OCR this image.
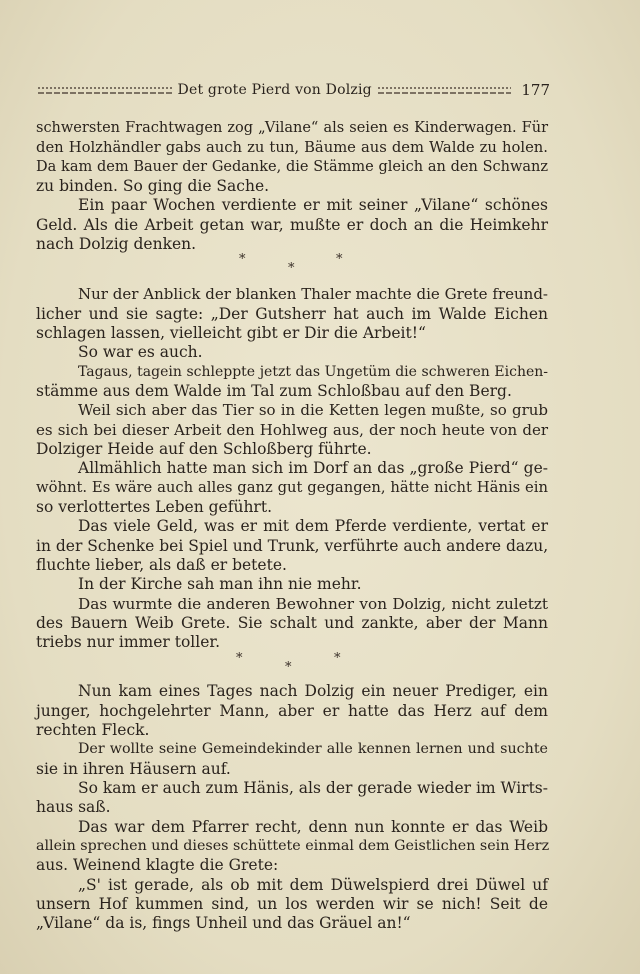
Det grote Pierd von Dolzig	177
schwersten Frachtwagen zog „Vilane“ als seien es Kinderwagen. Für
den Holzhändler gabs auch zu tun, Bäume aus dem Walde zu holen.
Da kam dem Bauer der Gedanke, die Stämme gleich an den Schwanz
zu binden. So ging die Sache.
Ein paar Wochen verdiente er mit seiner „Vilane“ schönes
Geld. Als die Arbeit getan war, mußte er doch an die Heimkehr
nach Dolzig denken.
*	*
*
Nur der Anblick der blanken Thaler machte die Grete freund-
licher und sie sagte: „Der Gutsherr hat auch im Walde Eichen
schlagen lassen, vielleicht gibt er Dir die Arbeit!“
So war es auch.
Tagaus, tagein schleppte jetzt das Ungetüm die schweren Eichen-
stämme aus dem Walde im Tal zum Schloßbau auf den Berg.
Weil sich aber das Tier so in die Ketten legen mußte, so grub
es sich bei dieser Arbeit den Hohlweg aus, der noch heute von der
Dolziger Heide auf den Schloßberg führte.
Allmählich hatte man sich im Dorf an das „große Pierd“ ge-
wöhnt. Es wäre auch alles ganz gut gegangen, hätte nicht Hänis ein
so verlottertes Leben geführt.
Das viele Geld, was er mit dem Pferde verdiente, vertat er
in der Schenke bei Spiel und Trunk, verführte auch andere dazu,
fluchte lieber, als daß er betete.
In der Kirche sah man ihn nie mehr.
Das wurmte die anderen Bewohner von Dolzig, nicht zuletzt
des Bauern Weib Grete. Sie schalt und zankte, aber der Mann
triebs nur immer toller.
*	*
*
Nun kam eines Tages nach Dolzig ein neuer Prediger, ein
junger, hochgelehrter Mann, aber er hatte das Herz auf dem
rechten Fleck.
Der wollte seine Gemeindekinder alle kennen lernen und suchte
sie in ihren Häusern auf.
So kam er auch zum Hänis, als der gerade wieder im Wirts-
haus saß.
Das war dem Pfarrer recht, denn nun konnte er das Weib
allein sprechen und dieses schüttete einmal dem Geistlichen sein Herz
aus. Weinend klagte die Grete:
„S' ist gerade, als ob mit dem Düwelspierd drei Düwel uf
unsern Hof kummen sind, un los werden wir se nich! Seit de
„Vilane“ da is, fings Unheil und das Gräuel an!“
